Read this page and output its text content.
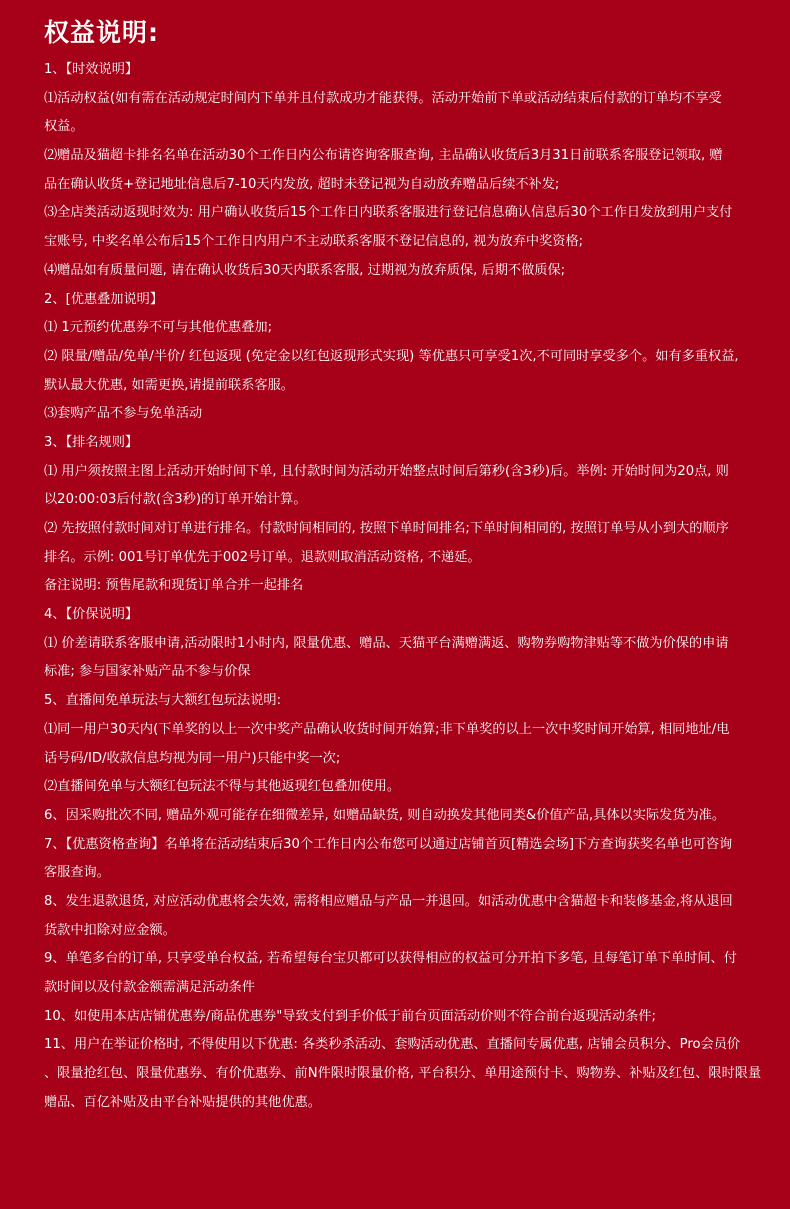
权益说明:
1、【时效说明】
⑴活动权益(如有需在活动规定时间内下单并且付款成功才能获得。活动开始前下单或活动结束后付款的订单均不享受
权益。
⑵赠品及猫超卡排名名单在活动30个工作日内公布请咨询客服查询, 主品确认收货后3月31日前联系客服登记领取, 赠
品在确认收货+登记地址信息后7-10天内发放, 超时未登记视为自动放弃赠品后续不补发;
⑶全店类活动返现时效为: 用户确认收货后15个工作日内联系客服进行登记信息确认信息后30个工作日发放到用户支付
宝账号, 中奖名单公布后15个工作日内用户不主动联系客服不登记信息的, 视为放弃中奖资格;
⑷赠品如有质量问题, 请在确认收货后30天内联系客服, 过期视为放弃质保, 后期不做质保;
2、[优惠叠加说明】
⑴ 1元预约优惠券不可与其他优惠叠加;
⑵ 限量/赠品/免单/半价/ 红包返现 (免定金以红包返现形式实现) 等优惠只可享受1次,不可同时享受多个。如有多重权益,
默认最大优惠, 如需更换,请提前联系客服。
⑶套购产品不参与免单活动
3、【排名规则】
⑴ 用户须按照主图上活动开始时间下单, 且付款时间为活动开始整点时间后第秒(含3秒)后。举例: 开始时间为20点, 则
以20:00:03后付款(含3秒)的订单开始计算。
⑵ 先按照付款时间对订单进行排名。付款时间相同的, 按照下单时间排名;下单时间相同的, 按照订单号从小到大的顺序
排名。示例: 001号订单优先于002号订单。退款则取消活动资格, 不递延。
备注说明: 预售尾款和现货订单合并一起排名
4、【价保说明】
⑴ 价差请联系客服申请,活动限时1小时内, 限量优惠、赠品、天猫平台满赠满返、购物券购物津贴等不做为价保的申请
标准; 参与国家补贴产品不参与价保
5、直播间免单玩法与大额红包玩法说明:
⑴同一用户30天内(下单奖的以上一次中奖产品确认收货时间开始算;非下单奖的以上一次中奖时间开始算, 相同地址/电
话号码/ID/收款信息均视为同一用户)只能中奖一次;
⑵直播间免单与大额红包玩法不得与其他返现红包叠加使用。
6、因采购批次不同, 赠品外观可能存在细微差异, 如赠品缺货, 则自动换发其他同类&价值产品,具体以实际发货为准。
7、【优惠资格查询】名单将在活动结束后30个工作日内公布您可以通过店铺首页[精选会场]下方查询获奖名单也可咨询
客服查询。
8、发生退款退货, 对应活动优惠将会失效, 需将相应赠品与产品一并退回。如活动优惠中含猫超卡和装修基金,将从退回
货款中扣除对应金额。
9、单笔多台的订单, 只享受单台权益, 若希望每台宝贝都可以获得相应的权益可分开拍下多笔, 且每笔订单下单时间、付
款时间以及付款金额需满足活动条件
10、如使用本店店铺优惠券/商品优惠券"导致支付到手价低于前台页面活动价则不符合前台返现活动条件;
11、用户在举证价格时, 不得使用以下优惠: 各类秒杀活动、套购活动优惠、直播间专属优惠, 店铺会员积分、Pro会员价
、限量抢红包、限量优惠券、有价优惠券、前N件限时限量价格, 平台积分、单用途预付卡、购物券、补贴及红包、限时限量
赠品、百亿补贴及由平台补贴提供的其他优惠。
